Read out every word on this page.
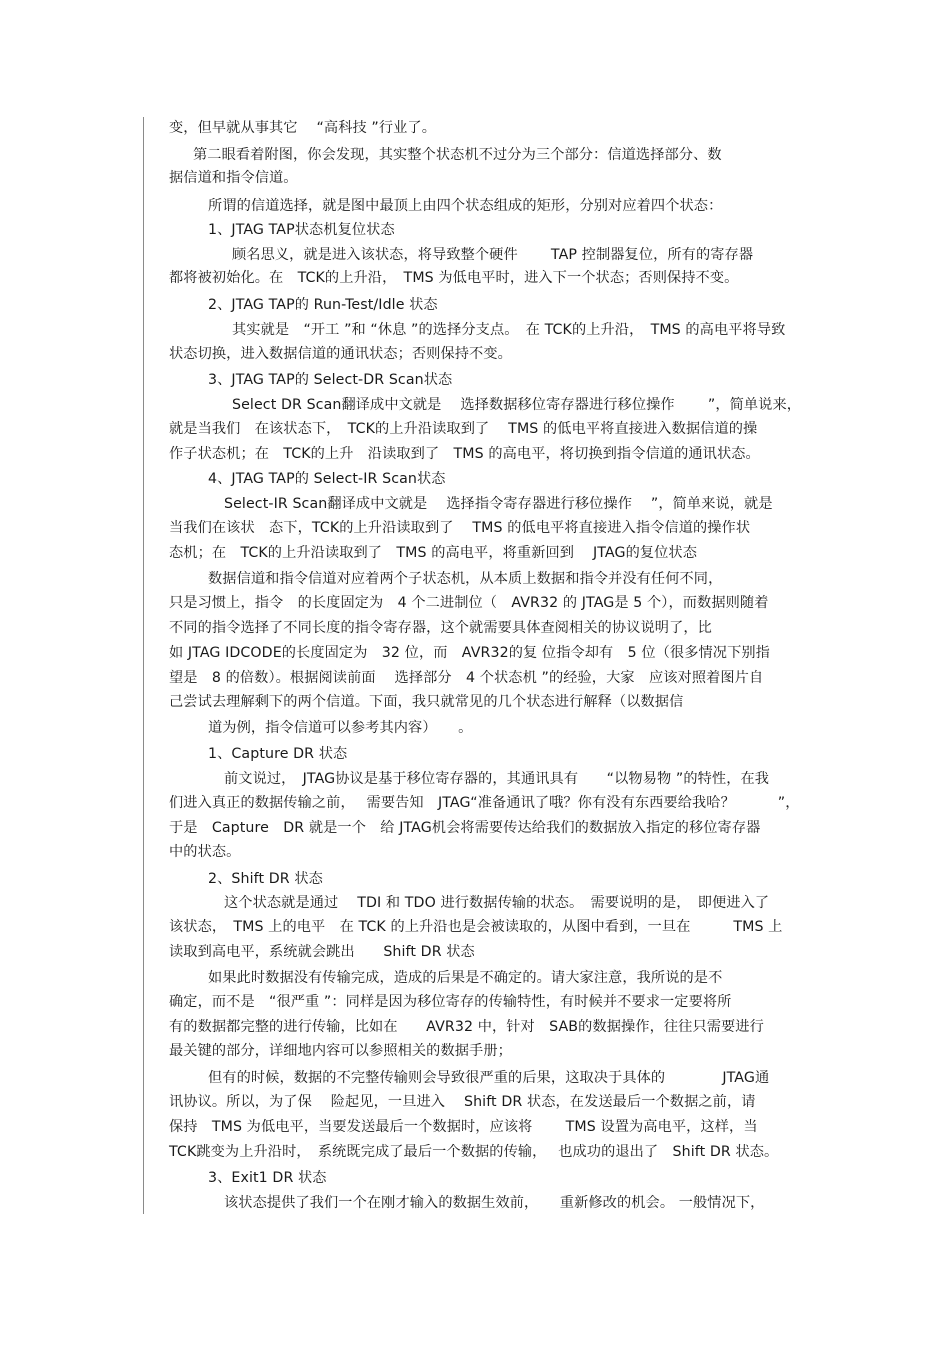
变，但早就从事其它　 “高科技 ”行业了。
第二眼看着附图，你会发现，其实整个状态机不过分为三个部分：信道选择部分、数
据信道和指令信道。
所谓的信道选择，就是图中最顶上由四个状态组成的矩形，分别对应着四个状态：
1、JTAG TAP状态机复位状态
顾名思义，就是进入该状态，将导致整个硬件　　 TAP 控制器复位，所有的寄存器
都将被初始化。在　TCK的上升沿，　TMS 为低电平时，进入下一个状态；否则保持不变。
2、JTAG TAP的 Run-Test/Idle 状态
其实就是　“开工 ”和 “休息 ”的选择分支点。　在 TCK的上升沿，　TMS 的高电平将导致
状态切换，进入数据信道的通讯状态；否则保持不变。
3、JTAG TAP的 Select-DR Scan状态
Select DR Scan翻译成中文就是　 选择数据移位寄存器进行移位操作　　 ”，简单说来，
就是当我们　在该状态下，　TCK的上升沿读取到了　 TMS 的低电平将直接进入数据信道的操
作子状态机；在　TCK的上升　沿读取到了　TMS 的高电平，将切换到指令信道的通讯状态。
4、JTAG TAP的 Select-IR Scan状态
Select-IR Scan翻译成中文就是　 选择指令寄存器进行移位操作　 ”，简单来说，就是
当我们在该状　态下，TCK的上升沿读取到了　 TMS 的低电平将直接进入指令信道的操作状
态机；在　TCK的上升沿读取到了　TMS 的高电平，将重新回到　 JTAG的复位状态
数据信道和指令信道对应着两个子状态机，从本质上数据和指令并没有任何不同，
只是习惯上，指令　的长度固定为　4 个二进制位（　AVR32 的 JTAG是 5 个），而数据则随着
不同的指令选择了不同长度的指令寄存器，这个就需要具体查阅相关的协议说明了，比
如 JTAG IDCODE的长度固定为　32 位，而　AVR32的复 位指令却有　5 位（很多情况下别指
望是　8 的倍数）。根据阅读前面　 选择部分　4 个状态机 ”的经验，大家　应该对照着图片自
己尝试去理解剩下的两个信道。下面，我只就常见的几个状态进行解释（以数据信
道为例，指令信道可以参考其内容）　　。
1、Capture DR 状态
前文说过，　JTAG协议是基于移位寄存器的，其通讯具有　　“以物易物 ”的特性，在我
们进入真正的数据传输之前，　 需要告知　JTAG“准备通讯了哦？你有没有东西要给我哈？　　　”，
于是　Capture　DR 就是一个　给 JTAG机会将需要传达给我们的数据放入指定的移位寄存器
中的状态。
2、Shift DR 状态
这个状态就是通过　 TDI 和 TDO 进行数据传输的状态。　需要说明的是，　即便进入了
该状态，　TMS 上的电平　在 TCK 的上升沿也是会被读取的，从图中看到，一旦在　　　TMS 上
读取到高电平，系统就会跳出　　Shift DR 状态
如果此时数据没有传输完成，造成的后果是不确定的。请大家注意，我所说的是不
确定，而不是　“很严重 ”：同样是因为移位寄存的传输特性，有时候并不要求一定要将所
有的数据都完整的进行传输，比如在　　AVR32 中，针对　SAB的数据操作，往往只需要进行
最关键的部分，详细地内容可以参照相关的数据手册；
但有的时候，数据的不完整传输则会导致很严重的后果，这取决于具体的　　　　JTAG通
讯协议。所以，为了保　 险起见，一旦进入　 Shift DR 状态，在发送最后一个数据之前，请
保持　TMS 为低电平，当要发送最后一个数据时，应该将　　 TMS 设置为高电平，这样，当
TCK跳变为上升沿时，　系统既完成了最后一个数据的传输，　 也成功的退出了　Shift DR 状态。
3、Exit1 DR 状态
该状态提供了我们一个在刚才输入的数据生效前，　　重新修改的机会。 一般情况下，
